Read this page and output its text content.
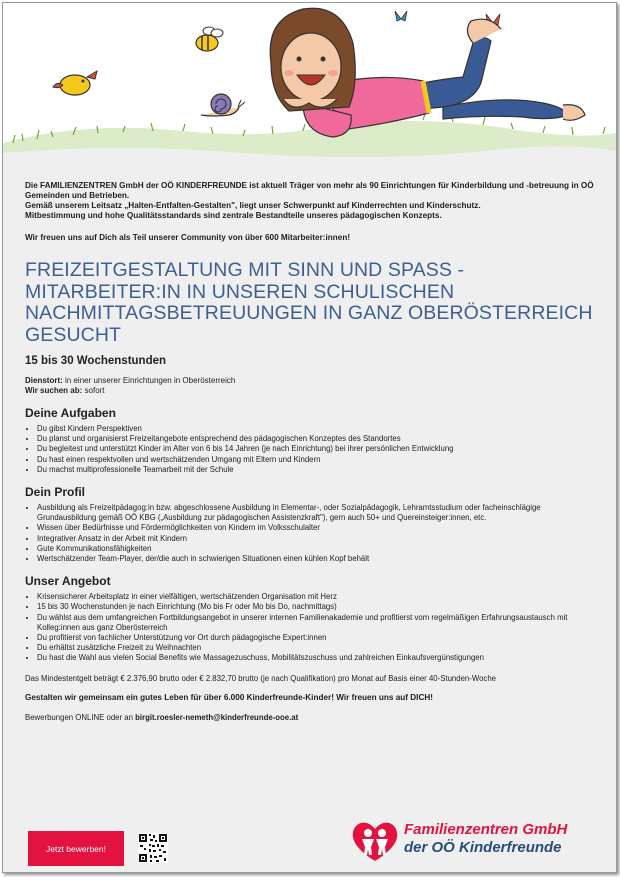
Die FAMILIENZENTREN GmbH der OÖ KINDERFREUNDE ist aktuell Träger von mehr als 90 Einrichtungen für Kinderbildung und -betreuung in OÖ Gemeinden und Betrieben.
Gemäß unserem Leitsatz „Halten-Entfalten-Gestalten", liegt unser Schwerpunkt auf Kinderrechten und Kinderschutz.
Mitbestimmung und hohe Qualitätsstandards sind zentrale Bestandteile unseres pädagogischen Konzepts.

Wir freuen uns auf Dich als Teil unserer Community von über 600 Mitarbeiter:innen!

FREIZEITGESTALTUNG MIT SINN UND SPASS - MITARBEITER:IN IN UNSEREN SCHULISCHEN NACHMITTAGSBETREUUNGEN IN GANZ OBERÖSTERREICH GESUCHT

15 bis 30 Wochenstunden

Dienstort: in einer unserer Einrichtungen in Oberösterreich
Wir suchen ab: sofort

Deine Aufgaben
• Du gibst Kindern Perspektiven
• Du planst und organisierst Freizeitangebote entsprechend des pädagogischen Konzeptes des Standortes
• Du begleitest und unterstützt Kinder im Alter von 6 bis 14 Jahren (je nach Einrichtung) bei ihrer persönlichen Entwicklung
• Du hast einen respektvollen und wertschätzenden Umgang mit Eltern und Kindern
• Du machst multiprofessionelle Teamarbeit mit der Schule
Dein Profil
• Ausbildung als Freizeitpädagog:in bzw. abgeschlossene Ausbildung in Elementar-, oder Sozialpädagogik, Lehramtsstudium oder facheinschlägige Grundausbildung gemäß OÖ KBG („Ausbildung zur pädagogischen Assistenzkraft"), gern auch 50+ und Quereinsteiger:innen, etc.
• Wissen über Bedürfnisse und Fördermöglichkeiten von Kindern im Volksschulalter
• Integrativer Ansatz in der Arbeit mit Kindern
• Gute Kommunikationsfähigkeiten
• Wertschätzender Team-Player, der/die auch in schwierigen Situationen einen kühlen Kopf behält
Unser Angebot
• Krisensicherer Arbeitsplatz in einer vielfältigen, wertschätzenden Organisation mit Herz
• 15 bis 30 Wochenstunden je nach Einrichtung (Mo bis Fr oder Mo bis Do, nachmittags)
• Du wählst aus dem umfangreichen Fortbildungsangebot in unserer internen Familienakademie und profitierst vom regelmäßigen Erfahrungsaustausch mit Kolleg:innen aus ganz Oberösterreich
• Du profitierst von fachlicher Unterstützung vor Ort durch pädagogische Expert:innen
• Du erhältst zusätzliche Freizeit zu Weihnachten
• Du hast die Wahl aus vielen Social Benefits wie Massagezuschuss, Mobilitätszuschuss und zahlreichen Einkaufsvergünstigungen

Das Mindestentgelt beträgt € 2.376,90 brutto oder € 2.832,70 brutto (je nach Qualifikation) pro Monat auf Basis einer 40-Stunden-Woche

Gestalten wir gemeinsam ein gutes Leben für über 6.000 Kinderfreunde-Kinder! Wir freuen uns auf DICH!

Bewerbungen ONLINE oder an birgit.roesler-nemeth@kinderfreunde-ooe.at

Jetzt bewerben!
Familienzentren GmbH
der OÖ Kinderfreunde
